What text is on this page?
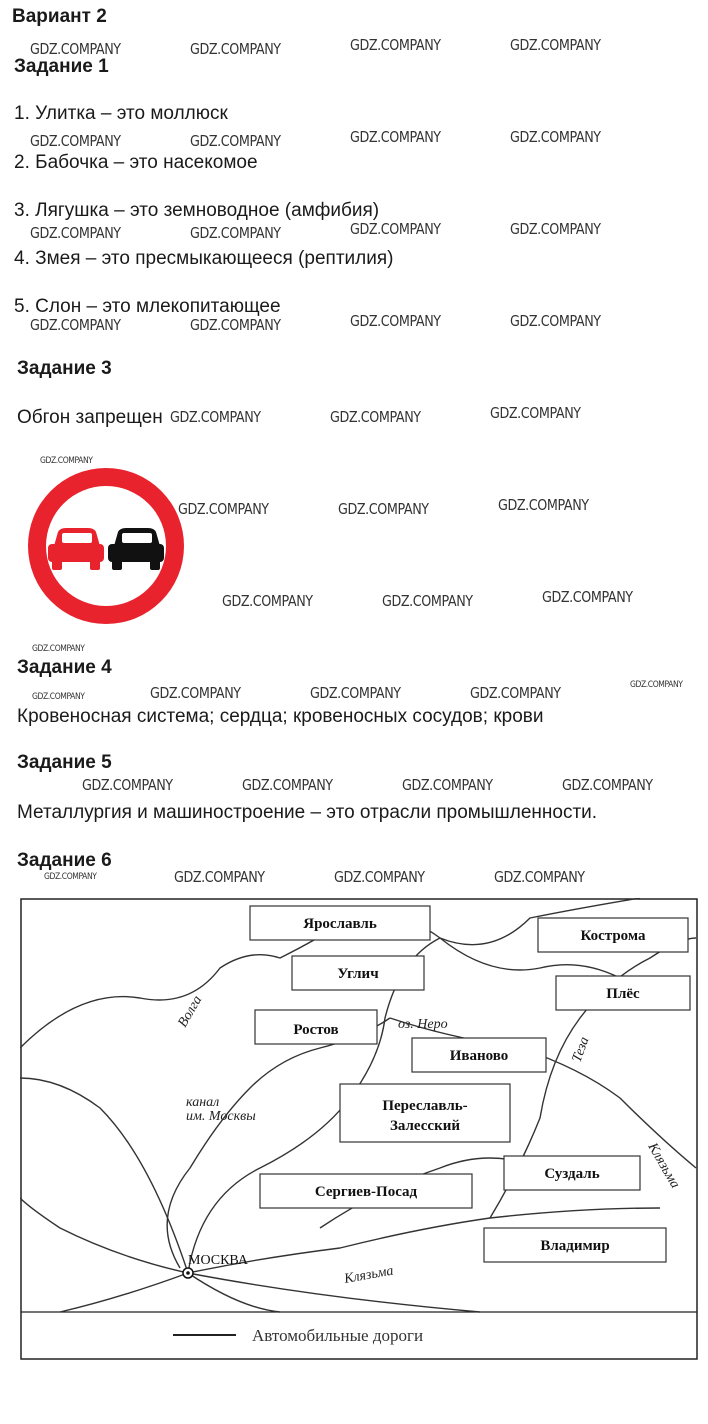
GDZ.COMPANY	GDZ.COMPANY	GDZ.COMPANY	GDZ.COMPANY
GDZ.COMPANY	GDZ.COMPANY	GDZ.COMPANY	GDZ.COMPANY
GDZ.COMPANY	GDZ.COMPANY	GDZ.COMPANY	GDZ.COMPANY
GDZ.COMPANY	GDZ.COMPANY	GDZ.COMPANY	GDZ.COMPANY
GDZ.COMPANY	GDZ.COMPANY	GDZ.COMPANY
GDZ.COMPANY	GDZ.COMPANY	GDZ.COMPANY
GDZ.COMPANY	GDZ.COMPANY	GDZ.COMPANY
GDZ.COMPANY	GDZ.COMPANY	GDZ.COMPANY
GDZ.COMPANY	GDZ.COMPANY	GDZ.COMPANY	GDZ.COMPANY
GDZ.COMPANY	GDZ.COMPANY	GDZ.COMPANY
GDZ.COMPANY
GDZ.COMPANY
GDZ.COMPANY
GDZ.COMPANY
GDZ.COMPANY
Вариант 2
Задание 1
1. Улитка – это моллюск
2. Бабочка – это насекомое
3. Лягушка – это земноводное (амфибия)
4. Змея – это пресмыкающееся (рептилия)
5. Слон – это млекопитающее
Задание 3
Обгон запрещен
Задание 4
Кровеносная система; сердца; кровеносных сосудов; крови
Задание 5
Металлургия и машиностроение – это отрасли промышленности.
Задание 6
Ярославль
Кострома
Углич
Плёс
Ростов
Иваново
Переславль-
Залесский
Суздаль
Сергиев-Посад
Владимир
Волга	оз. Неро
канал
им. Москвы
Теза
Клязьма
Клязьма
МОСКВА
Автомобильные дороги
